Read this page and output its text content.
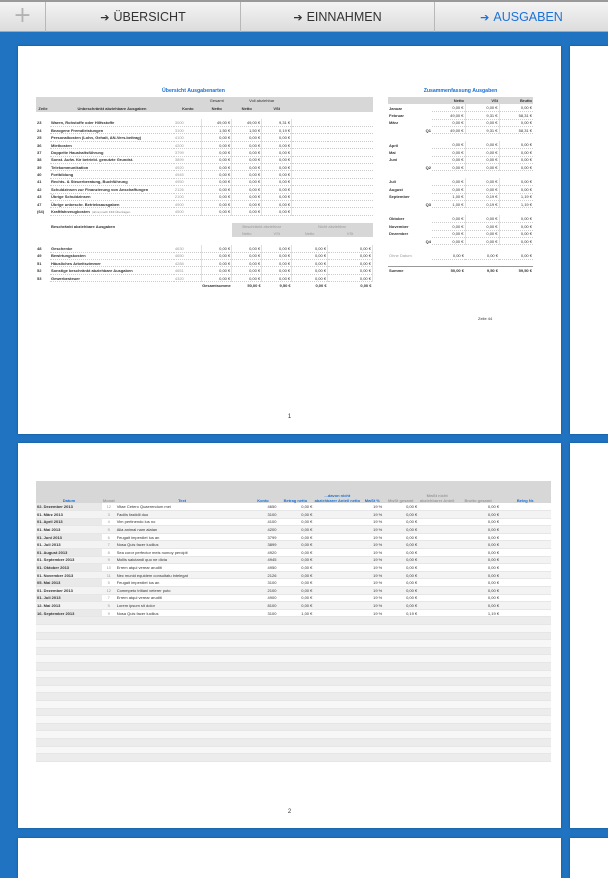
+	➔ ÜBERSICHT	➔ EINNAHMEN	➔ AUSGABEN
Übersicht Ausgabenarten	Zusammenfassung Ausgaben
			Gesamt	Voll abziehbar			
Zeile	Unbeschränkt abziehbare Ausgaben	Konto	Netto	Netto	VSt		

23	Waren, Rohstoffe oder Hilfsstoffe	3000	49,00 €	49,00 €	9,31 €		
24	Bezogene Fremdleistungen	3100	1,50 €	1,50 €	0,19 €		
25	Personalkosten (Lohn, Gehalt, AN-Vers.beitrag)	4100	0,00 €	0,00 €	0,00 €		
36	Mietkosten	4200	0,00 €	0,00 €	0,00 €		
37	Doppelte Haushaltsführung	3799	0,00 €	0,00 €	0,00 €		
38	Sonst. Aufw. für betriebl. genutzte Grundst.	3899	0,00 €	0,00 €	0,00 €		
39	Telekommunikation	4920	0,00 €	0,00 €	0,00 €		
40	Fortbildung	4945	0,00 €	0,00 €	0,00 €		
41	Rechts- & Steuerberatung, Buchführung	4950	0,00 €	0,00 €	0,00 €		
42	Schuldzinsen zur Finanzierung von Anschaffungen	2126	0,00 €	0,00 €	0,00 €		
43	Übrige Schuldzinsen	2100	0,00 €	0,00 €	0,00 €		
47	Übrige unbeschr. Betriebsausgaben	4900	0,00 €	0,00 €	0,00 €		
(64)	Kraftfahrzeugkosten (ohne) nach KFZ Übertragen	4500	0,00 €	0,00 €	0,00 €		

	Beschränkt abziehbare Ausgaben			Beschränkt abziehbar		Nicht abziehbar	
				Netto	VSt	Netto	VSt

48	Geschenke	4630	0,00 €	0,00 €	0,00 €	0,00 €	0,00 €
49	Bewirtungskosten	4650	0,00 €	0,00 €	0,00 €	0,00 €	0,00 €
51	Häusliches Arbeitszimmer	4288	0,00 €	0,00 €	0,00 €	0,00 €	0,00 €
52	Sonstige beschränkt abziehbare Ausgaben	4651	0,00 €	0,00 €	0,00 €	0,00 €	0,00 €
53	Gewerbesteuer	4320	0,00 €	0,00 €	0,00 €	0,00 €	0,00 €
	Gesamtsumme			50,00 €	9,50 €	0,00 €	0,00 €
	Netto	VSt	Brutto
Januar	0,00 €	0,00 €	0,00 €
Februar	49,00 €	9,31 €	58,31 €
März	0,00 €	0,00 €	0,00 €
Q1	49,00 €	9,31 €	58,31 €

April	0,00 €	0,00 €	0,00 €
Mai	0,00 €	0,00 €	0,00 €
Juni	0,00 €	0,00 €	0,00 €
Q2	0,00 €	0,00 €	0,00 €

Juli	0,00 €	0,00 €	0,00 €
August	0,00 €	0,00 €	0,00 €
September	1,00 €	0,19 €	1,19 €
Q3	1,00 €	0,19 €	1,19 €

Oktober	0,00 €	0,00 €	0,00 €
November	0,00 €	0,00 €	0,00 €
Dezember	0,00 €	0,00 €	0,00 €
Q4	0,00 €	0,00 €	0,00 €

Ohne Datum	0,00 €	0,00 €	0,00 €

Summe	50,00 €	9,50 €	59,50 €
Zeile 44
1
Datum	Monat	Text	Konto	Betrag netto	...davon nicht abziehbarer Anteil netto	MwSt %	MwSt gesamt	MwSt nicht abziehbarer Anteil	Brutto gesamt	Beleg Nr.
02. Dezember 2013	12	Vitae Cetero Quaerendum mei	4650	0,00 €		19 %	0,00 €		0,00 €	
01. März 2013	3	Facilis fastidii duo	3100	0,00 €		19 %	0,00 €		0,00 €	
01. April 2013	4	Vim pertinendo ius no	4100	0,00 €		19 %	0,00 €		0,00 €	
01. Mai 2013	5	Alia animal nam alatan	4200	0,00 €		19 %	0,00 €		0,00 €	
01. Juni 2013	6	Feugait imperdiet ius an	3799	0,00 €		19 %	0,00 €		0,00 €	
01. Juli 2013	7	Nosa Quis facer lucilius	3899	0,00 €		19 %	0,00 €		0,00 €	
01. August 2013	8	Sea coror perfector meis numoy percipit	4920	0,00 €		19 %	0,00 €		0,00 €	
01. September 2013	9	Mollis salutandi quo ne dicta	4945	0,00 €		19 %	0,00 €		0,00 €	
01. Oktober 2013	10	Errem atqui verear aruditi	4950	0,00 €		19 %	0,00 €		0,00 €	
01. November 2013	11	Nec munid equidem consultatu intelegat	2126	0,00 €		19 %	0,00 €		0,00 €	
05. Mai 2013	5	Feugait imperdiet ius an	3100	0,00 €		19 %	0,00 €		0,00 €	
01. Dezember 2013	12	Commpeto tritiani veterer puto	2100	0,00 €		19 %	0,00 €		0,00 €	
01. Juli 2013	7	Errem atqui verear aruditi	4900	0,00 €		19 %	0,00 €		0,00 €	
12. Mai 2013	5	Lorem ipsum sit dolor	8100	0,00 €		19 %	0,00 €		0,00 €	
16. September 2013	9	Nosa Quis facer lucilius	3100	1,00 €		19 %	0,19 €		1,19 €	

2
